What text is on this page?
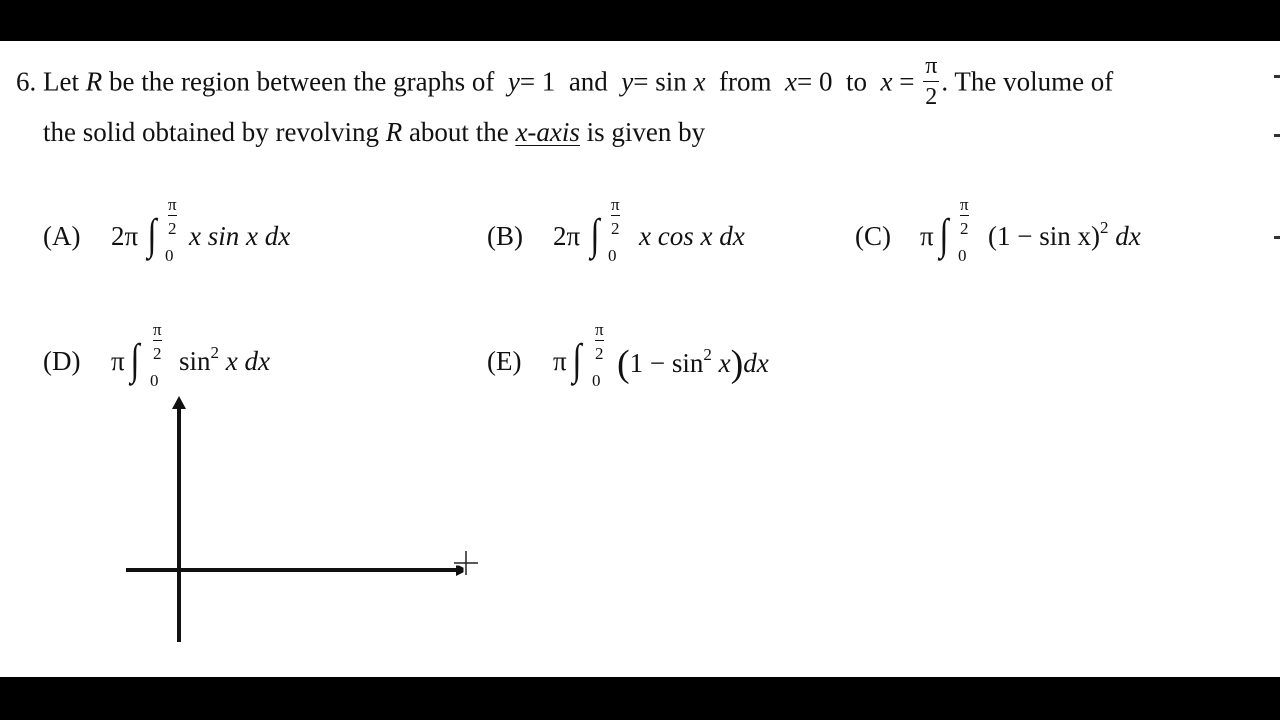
6. Let R be the region between the graphs of y= 1 and y= sin x from x= 0 to $x = \frac{\pi}{2}$ . The volume of
the solid obtained by revolving R about the x-axis is given by
(A) 2π ∫ $\frac{\pi}{2}$
0
x sin x dx	(B) 2π ∫ $\frac{\pi}{2}$
0
x cos x dx	(C) π ∫ $\frac{\pi}{2}$
0
$(1 - \sin x)^2$ dx
(D) π ∫ $\frac{\pi}{2}$
0
$\sin^2 x$ dx	(E) π ∫ $\frac{\pi}{2}$
0 $(1 - \sin^2 x)dx$
